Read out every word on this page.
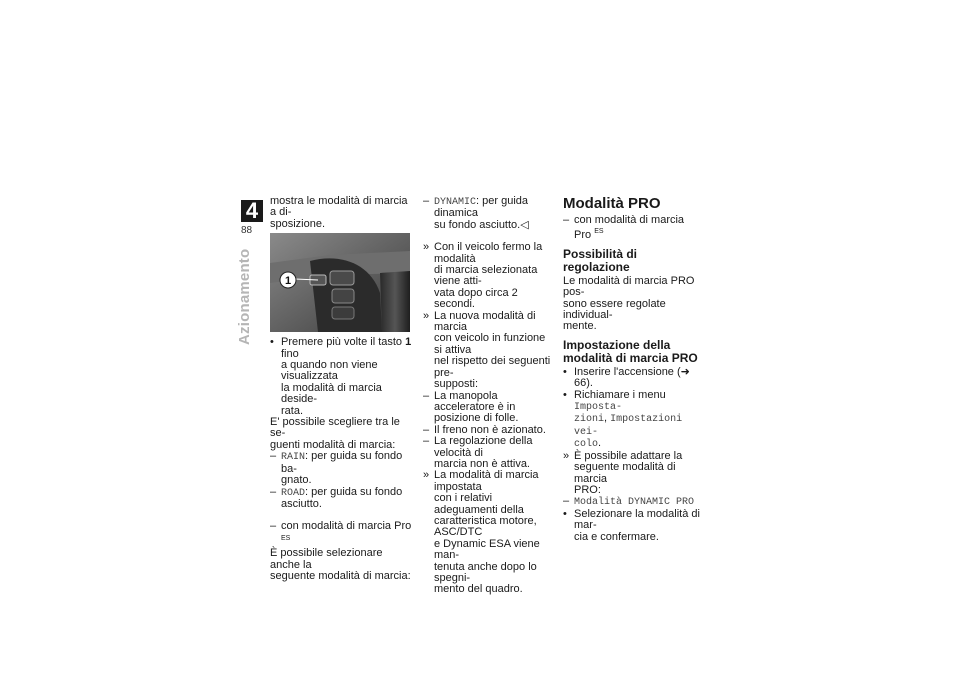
4
88
Azionamento

mostra le modalità di marcia a di-

sposizione.

1
• Premere più volte il tasto 1 fino

a quando non viene visualizzata

la modalità di marcia deside-

rata.

E' possibile scegliere tra le se-

guenti modalità di marcia:

– RAIN: per guida su fondo ba-

gnato.

– ROAD: per guida su fondo

asciutto.

– con modalità di marcia Pro $^{ES}$

È possibile selezionare anche la

seguente modalità di marcia:

– DYNAMIC: per guida dinamica

su fondo asciutto.◁

» Con il veicolo fermo la modalità

di marcia selezionata viene atti-

vata dopo circa 2 secondi.

» La nuova modalità di marcia

con veicolo in funzione si attiva

nel rispetto dei seguenti pre-

supposti:

– La manopola acceleratore è in

posizione di folle.

– Il freno non è azionato.

– La regolazione della velocità di

marcia non è attiva.

» La modalità di marcia impostata

con i relativi adeguamenti della

caratteristica motore, ASC/DTC

e Dynamic ESA viene man-

tenuta anche dopo lo spegni-

mento del quadro.

Modalità PRO
– con modalità di marcia Pro $^{ES}$

Possibilità di regolazione

Le modalità di marcia PRO pos-

sono essere regolate individual-

mente.

Impostazione della
modalità di marcia PRO
• Inserire l'accensione (➜ 66).

• Richiamare i menu Imposta-

zioni, Impostazioni vei-

colo.

» È possibile adattare la

seguente modalità di marcia

PRO:

– Modalità DYNAMIC PRO

• Selezionare la modalità di mar-

cia e confermare.
